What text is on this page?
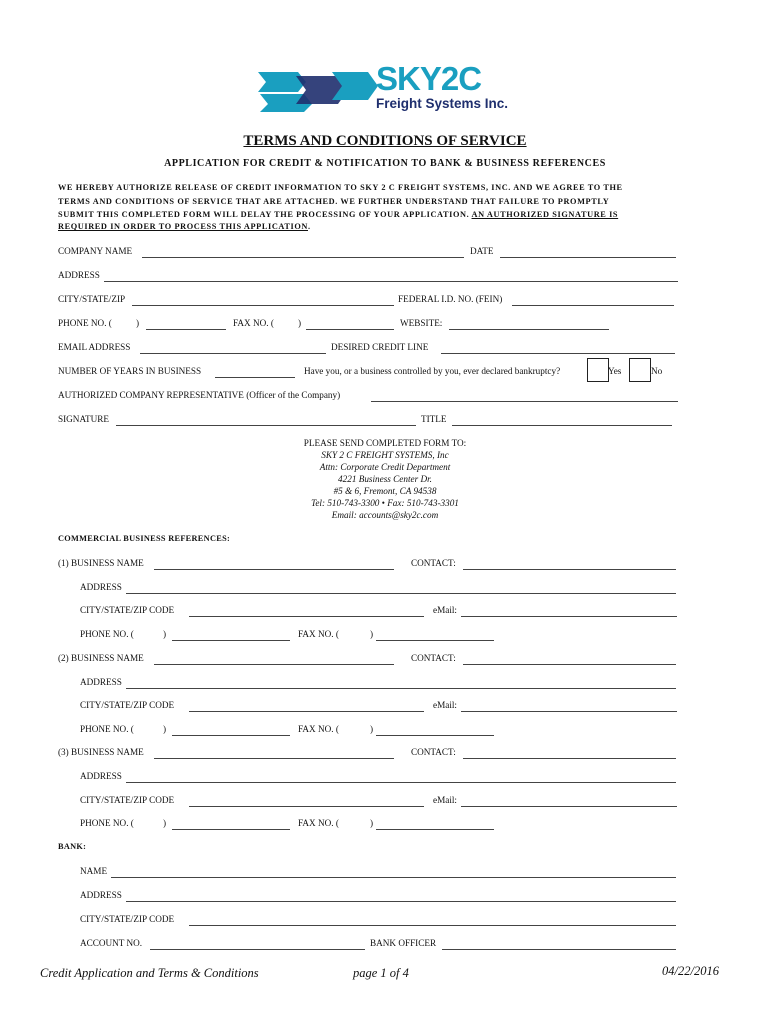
SKY2C
Freight Systems Inc.
TERMS AND CONDITIONS OF SERVICE
APPLICATION FOR CREDIT & NOTIFICATION TO BANK & BUSINESS REFERENCES
WE HEREBY AUTHORIZE RELEASE OF CREDIT INFORMATION TO SKY 2 C FREIGHT SYSTEMS, INC. AND WE AGREE TO THE
TERMS AND CONDITIONS OF SERVICE THAT ARE ATTACHED. WE FURTHER UNDERSTAND THAT FAILURE TO PROMPTLY
SUBMIT THIS COMPLETED FORM WILL DELAY THE PROCESSING OF YOUR APPLICATION. AN AUTHORIZED SIGNATURE IS
REQUIRED IN ORDER TO PROCESS THIS APPLICATION.
COMPANY NAME	DATE
ADDRESS
CITY/STATE/ZIP	FEDERAL I.D. NO. (FEIN)
PHONE NO. (	)	FAX NO. (	)	WEBSITE:
EMAIL ADDRESS	DESIRED CREDIT LINE
NUMBER OF YEARS IN BUSINESS	Have you, or a business controlled by you, ever declared bankruptcy?	Yes	No
AUTHORIZED COMPANY REPRESENTATIVE (Officer of the Company)
SIGNATURE	TITLE
PLEASE SEND COMPLETED FORM TO:
SKY 2 C FREIGHT SYSTEMS, Inc
Attn: Corporate Credit Department
4221 Business Center Dr.
#5 & 6, Fremont, CA 94538
Tel: 510-743-3300 • Fax: 510-743-3301
Email: accounts@sky2c.com
COMMERCIAL BUSINESS REFERENCES:
(1) BUSINESS NAME	CONTACT:
ADDRESS
CITY/STATE/ZIP CODE	eMail:
PHONE NO. (	)	FAX NO. (	)
(2) BUSINESS NAME	CONTACT:
ADDRESS
CITY/STATE/ZIP CODE	eMail:
PHONE NO. (	)	FAX NO. (	)
(3) BUSINESS NAME	CONTACT:
ADDRESS
CITY/STATE/ZIP CODE	eMail:
PHONE NO. (	)	FAX NO. (	)
BANK:
NAME
ADDRESS
CITY/STATE/ZIP CODE
ACCOUNT NO.	BANK OFFICER
Credit Application and Terms & Conditions	page 1 of 4	04/22/2016
